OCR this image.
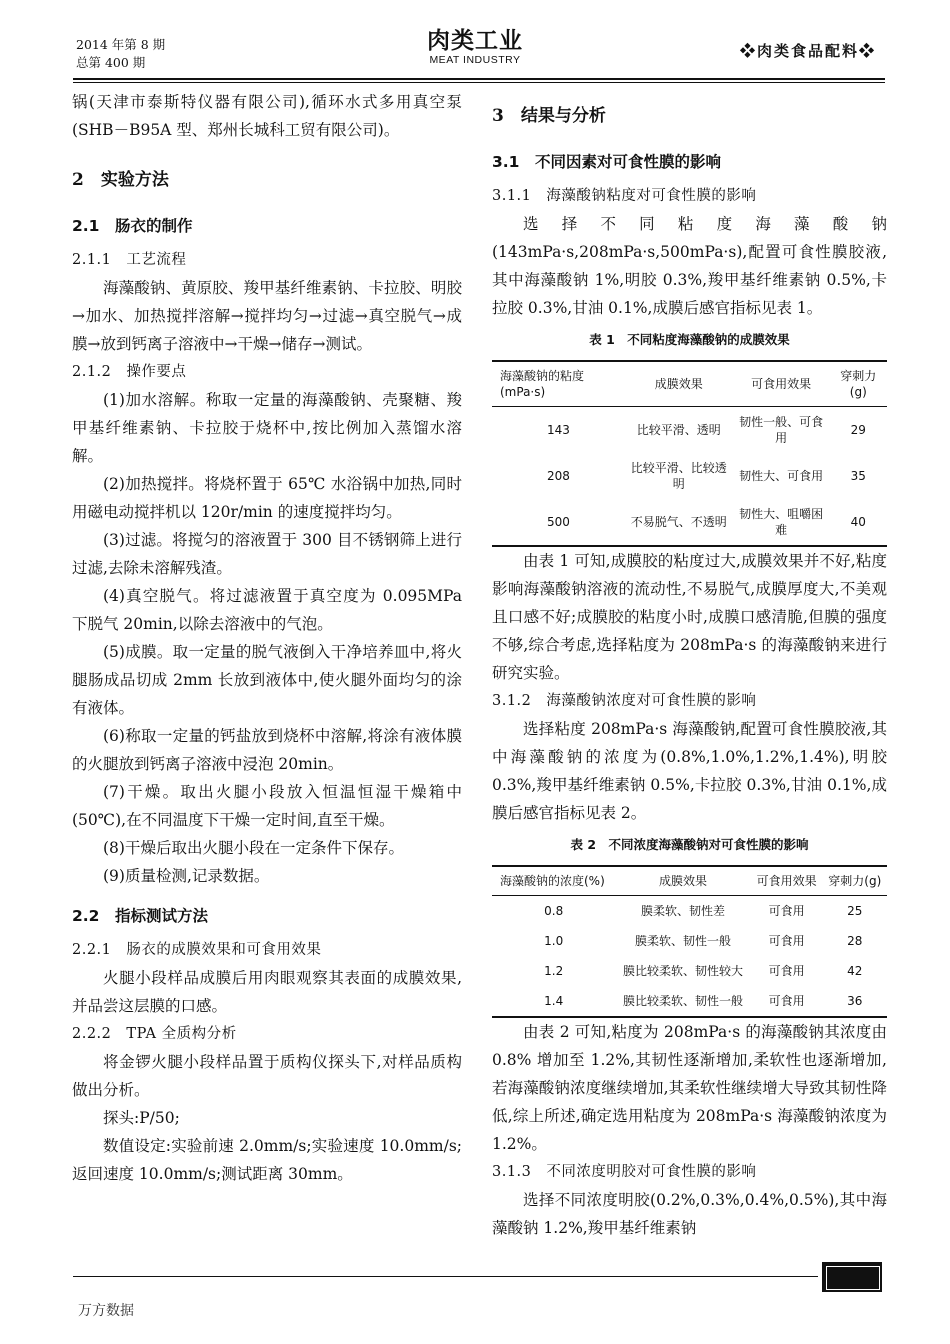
2014 年第 8 期
总第 400 期
肉类工业
MEAT INDUSTRY	❖肉类食品配料❖

锅(天津市泰斯特仪器有限公司),循环水式多用真空泵(SHB－B95A 型、郑州长城科工贸有限公司)。

2　实验方法
2.1　肠衣的制作
2.1.1　工艺流程

海藻酸钠、黄原胶、羧甲基纤维素钠、卡拉胶、明胶→加水、加热搅拌溶解→搅拌均匀→过滤→真空脱气→成膜→放到钙离子溶液中→干燥→储存→测试。

2.1.2　操作要点

(1)加水溶解。称取一定量的海藻酸钠、壳聚糖、羧甲基纤维素钠、卡拉胶于烧杯中,按比例加入蒸馏水溶解。

(2)加热搅拌。将烧杯置于 65℃ 水浴锅中加热,同时用磁电动搅拌机以 120r/min 的速度搅拌均匀。

(3)过滤。将搅匀的溶液置于 300 目不锈钢筛上进行过滤,去除未溶解残渣。

(4)真空脱气。将过滤液置于真空度为 0.095MPa 下脱气 20min,以除去溶液中的气泡。

(5)成膜。取一定量的脱气液倒入干净培养皿中,将火腿肠成品切成 2mm 长放到液体中,使火腿外面均匀的涂有液体。

(6)称取一定量的钙盐放到烧杯中溶解,将涂有液体膜的火腿放到钙离子溶液中浸泡 20min。

(7)干燥。取出火腿小段放入恒温恒湿干燥箱中(50℃),在不同温度下干燥一定时间,直至干燥。

(8)干燥后取出火腿小段在一定条件下保存。

(9)质量检测,记录数据。

2.2　指标测试方法
2.2.1　肠衣的成膜效果和可食用效果

火腿小段样品成膜后用肉眼观察其表面的成膜效果,并品尝这层膜的口感。

2.2.2　TPA 全质构分析

将金锣火腿小段样品置于质构仪探头下,对样品质构做出分析。

探头:P/50;

数值设定:实验前速 2.0mm/s;实验速度 10.0mm/s;返回速度 10.0mm/s;测试距离 30mm。

3　结果与分析
3.1　不同因素对可食性膜的影响
3.1.1　海藻酸钠粘度对可食性膜的影响

选择不同粘度海藻酸钠(143mPa·s,208mPa·s,500mPa·s),配置可食性膜胶液,其中海藻酸钠 1%,明胶 0.3%,羧甲基纤维素钠 0.5%,卡拉胶 0.3%,甘油 0.1%,成膜后感官指标见表 1。

表 1　不同粘度海藻酸钠的成膜效果
海藻酸钠的粘度(mPa·s)	成膜效果	可食用效果	穿刺力(g)
143	比较平滑、透明	韧性一般、可食用	29
208	比较平滑、比较透明	韧性大、可食用	35
500	不易脱气、不透明	韧性大、咀嚼困难	40

由表 1 可知,成膜胶的粘度过大,成膜效果并不好,粘度影响海藻酸钠溶液的流动性,不易脱气,成膜厚度大,不美观且口感不好;成膜胶的粘度小时,成膜口感清脆,但膜的强度不够,综合考虑,选择粘度为 208mPa·s 的海藻酸钠来进行研究实验。

3.1.2　海藻酸钠浓度对可食性膜的影响

选择粘度 208mPa·s 海藻酸钠,配置可食性膜胶液,其中海藻酸钠的浓度为(0.8%,1.0%,1.2%,1.4%),明胶 0.3%,羧甲基纤维素钠 0.5%,卡拉胶 0.3%,甘油 0.1%,成膜后感官指标见表 2。

表 2　不同浓度海藻酸钠对可食性膜的影响
海藻酸钠的浓度(%)	成膜效果	可食用效果	穿刺力(g)
0.8	膜柔软、韧性差	可食用	25
1.0	膜柔软、韧性一般	可食用	28
1.2	膜比较柔软、韧性较大	可食用	42
1.4	膜比较柔软、韧性一般	可食用	36

由表 2 可知,粘度为 208mPa·s 的海藻酸钠其浓度由 0.8% 增加至 1.2%,其韧性逐渐增加,柔软性也逐渐增加,若海藻酸钠浓度继续增加,其柔软性继续增大导致其韧性降低,综上所述,确定选用粘度为 208mPa·s 海藻酸钠浓度为 1.2%。

3.1.3　不同浓度明胶对可食性膜的影响

选择不同浓度明胶(0.2%,0.3%,0.4%,0.5%),其中海藻酸钠 1.2%,羧甲基纤维素钠

万方数据
